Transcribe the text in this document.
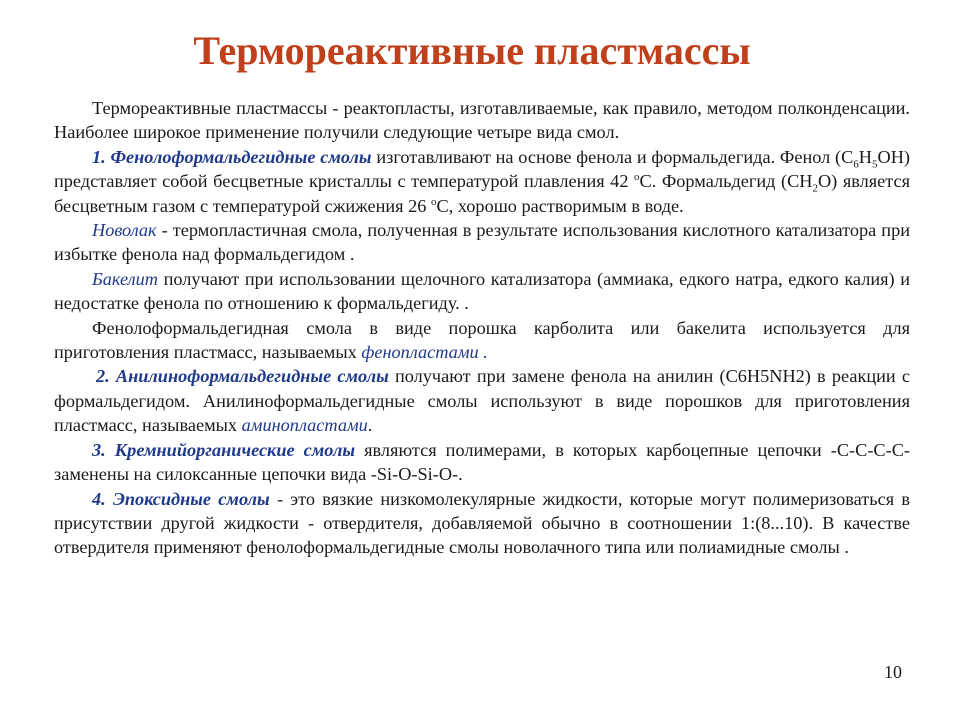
Термореактивные пластмассы

Термореактивные пластмассы - реактопласты, изготавливаемые, как правило, методом полконденсации. Наиболее широкое применение получили следующие четыре вида смол.

1. Фенолоформальдегидные смолы изготавливают на основе фенола и формальдегида. Фенол $(С_6Н_5ОН)$ представляет собой бесцветные кристаллы с температурой плавления 42 $^о$С. Формальдегид $(СН_2О)$ является бесцветным газом с температурой сжижения 26 $^о$С, хорошо растворимым в воде.

Новолак - термопластичная смола, полученная в результате использования кислотного катализатора при избытке фенола над формальдегидом .

Бакелит получают при использовании щелочного катализатора (аммиака, едкого натра, едкого калия) и недостатке фенола по отношению к формальдегиду. .

Фенолоформальдегидная смола в виде порошка карболита или бакелита используется для приготовления пластмасс, называемых фенопластами .

2. Анилиноформальдегидные смолы получают при замене фенола на анилин (С6Н5NН2) в реакции с формальдегидом. Анилиноформальдегидные смолы используют в виде порошков для приготовления пластмасс, называемых аминопластами.

3. Кремнийорганические смолы являются полимерами, в которых карбоцепные цепочки -С-С-С-С- заменены на силоксанные цепочки вида -Si-O-Si-O-.

4. Эпоксидные смолы - это вязкие низкомолекулярные жидкости, которые могут полимеризоваться в присутствии другой жидкости - отвердителя, добавляемой обычно в соотношении 1:(8...10). В качестве отвердителя применяют фенолоформальдегидные смолы новолачного типа или полиамидные смолы .

10
